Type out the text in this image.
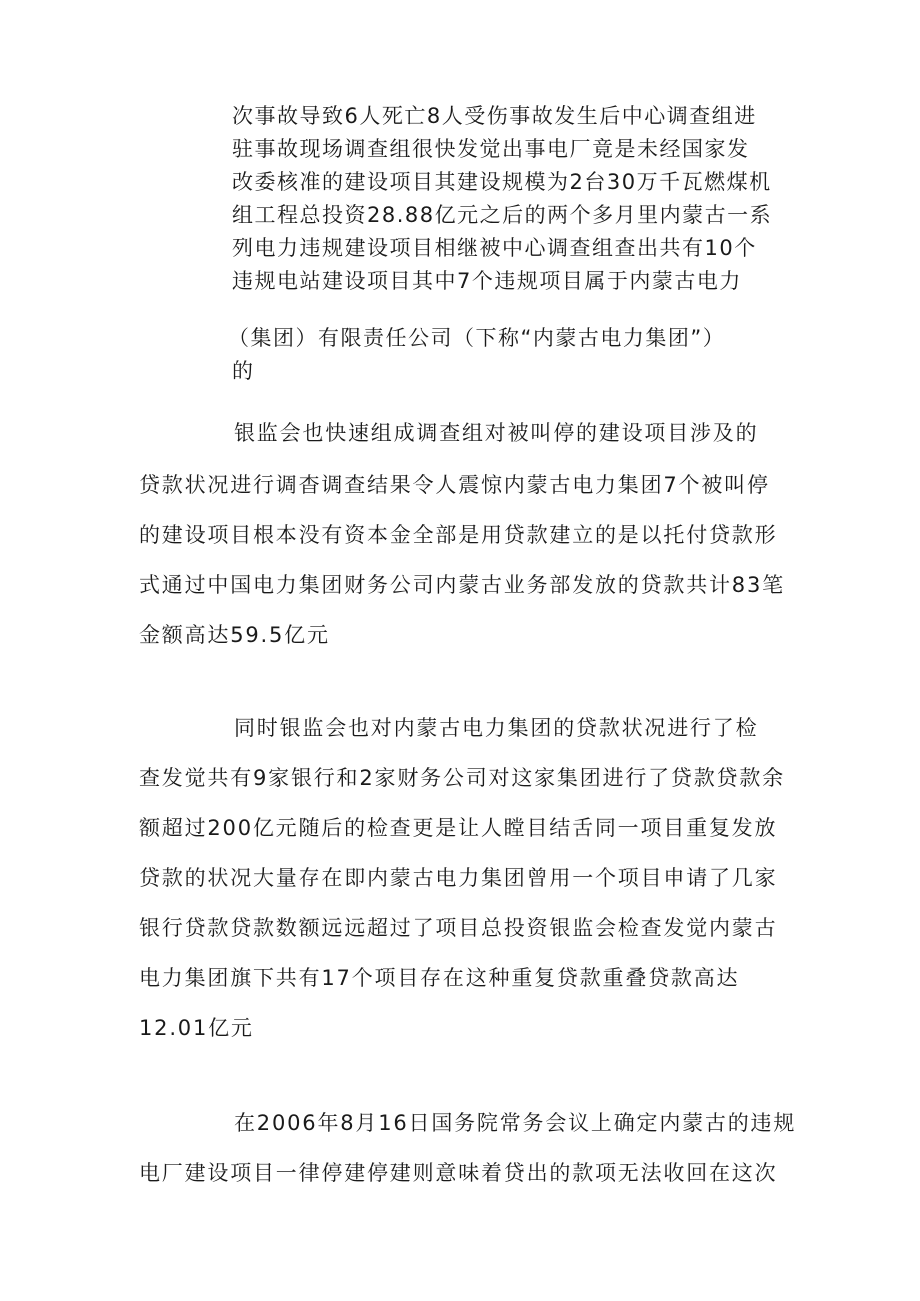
次事故导致6人死亡8人受伤事故发生后中心调查组进
驻事故现场调查组很快发觉出事电厂竟是未经国家发
改委核准的建设项目其建设规模为2台30万千瓦燃煤机
组工程总投资28.88亿元之后的两个多月里内蒙古一系
列电力违规建设项目相继被中心调查组查出共有10个
违规电站建设项目其中7个违规项目属于内蒙古电力
（集团）有限责任公司（下称“内蒙古电力集团”）
的
银监会也快速组成调查组对被叫停的建设项目涉及的
贷款状况进行调杳调查结果令人震惊内蒙古电力集团7个被叫停
的建设项目根本没有资本金全部是用贷款建立的是以托付贷款形
式通过中国电力集团财务公司内蒙古业务部发放的贷款共计83笔
金额高达59.5亿元
同时银监会也对内蒙古电力集团的贷款状况进行了检
查发觉共有9家银行和2家财务公司对这家集团进行了贷款贷款余
额超过200亿元随后的检查更是让人瞠目结舌同一项目重复发放
贷款的状况大量存在即内蒙古电力集团曾用一个项目申请了几家
银行贷款贷款数额远远超过了项目总投资银监会检查发觉内蒙古
电力集团旗下共有17个项目存在这种重复贷款重叠贷款高达
12.01亿元
在2006年8月16日国务院常务会议上确定内蒙古的违规
电厂建设项目一律停建停建则意味着贷出的款项无法收回在这次
